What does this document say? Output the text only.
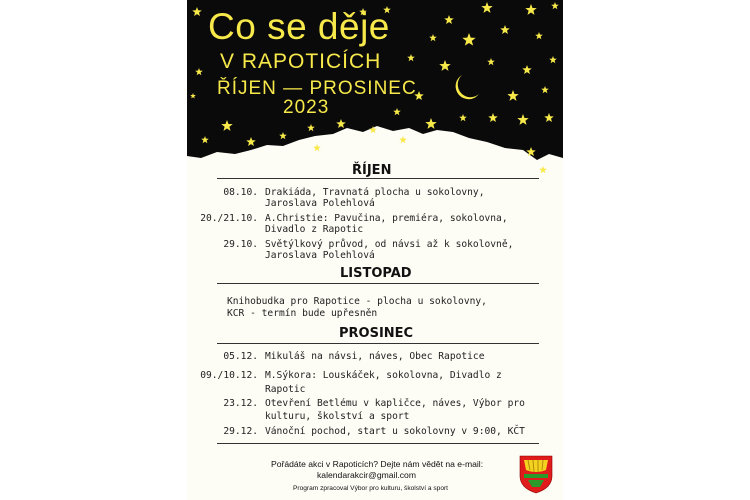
Co se děje
V RAPOTICÍCH
ŘÍJEN — PROSINEC
2023
ŘÍJEN
08.10. Drakiáda, Travnatá plocha u sokolovny,
Jaroslava Polehlová
20./21.10. A.Christie: Pavučina, premiéra, sokolovna,
Divadlo z Rapotic
29.10. Světýlkový průvod, od návsi až k sokolovně,
Jaroslava Polehlová
LISTOPAD
Knihobudka pro Rapotice - plocha u sokolovny,
KCR - termín bude upřesněn
PROSINEC
05.12. Mikuláš na návsi, náves, Obec Rapotice
09./10.12. M.Sýkora: Louskáček, sokolovna, Divadlo z
Rapotic
23.12. Otevření Betlému v kapličce, náves, Výbor pro
kulturu, školství a sport
29.12. Vánoční pochod, start u sokolovny v 9:00, KČT
Pořádáte akci v Rapoticích? Dejte nám vědět na e-mail:
kalendarakcir@gmail.com
Program zpracoval Výbor pro kulturu, školství a sport
